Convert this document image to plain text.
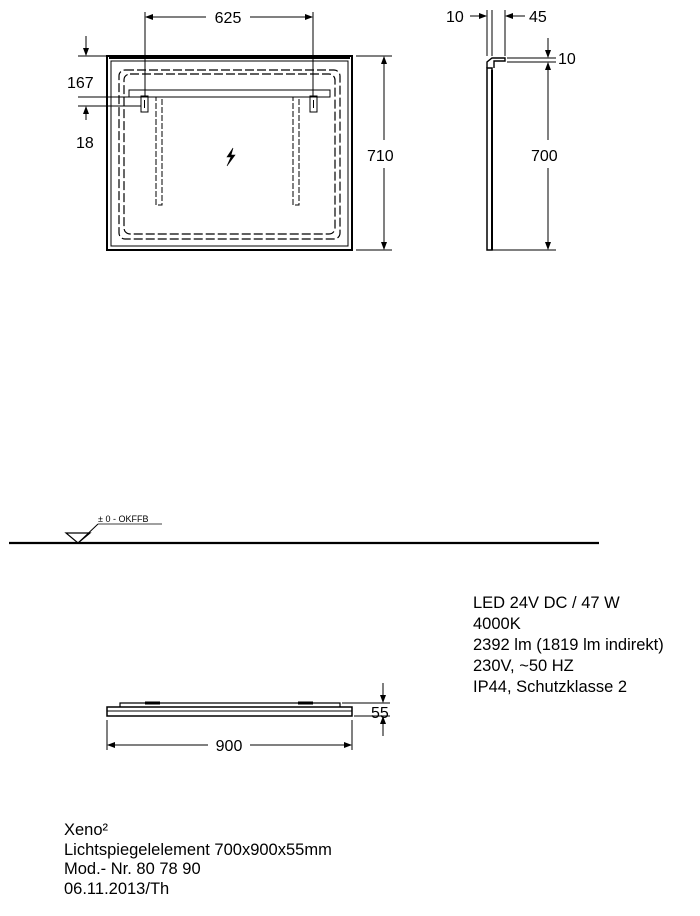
625
167
18
710
10	45
10
700
± 0 - OKFFB
55
900
LED 24V DC / 47 W
4000K
2392 lm (1819 lm indirekt)
230V, ~50 HZ
IP44, Schutzklasse 2
Xeno²
Lichtspiegelelement 700x900x55mm
Mod.- Nr. 80 78 90
06.11.2013/Th
